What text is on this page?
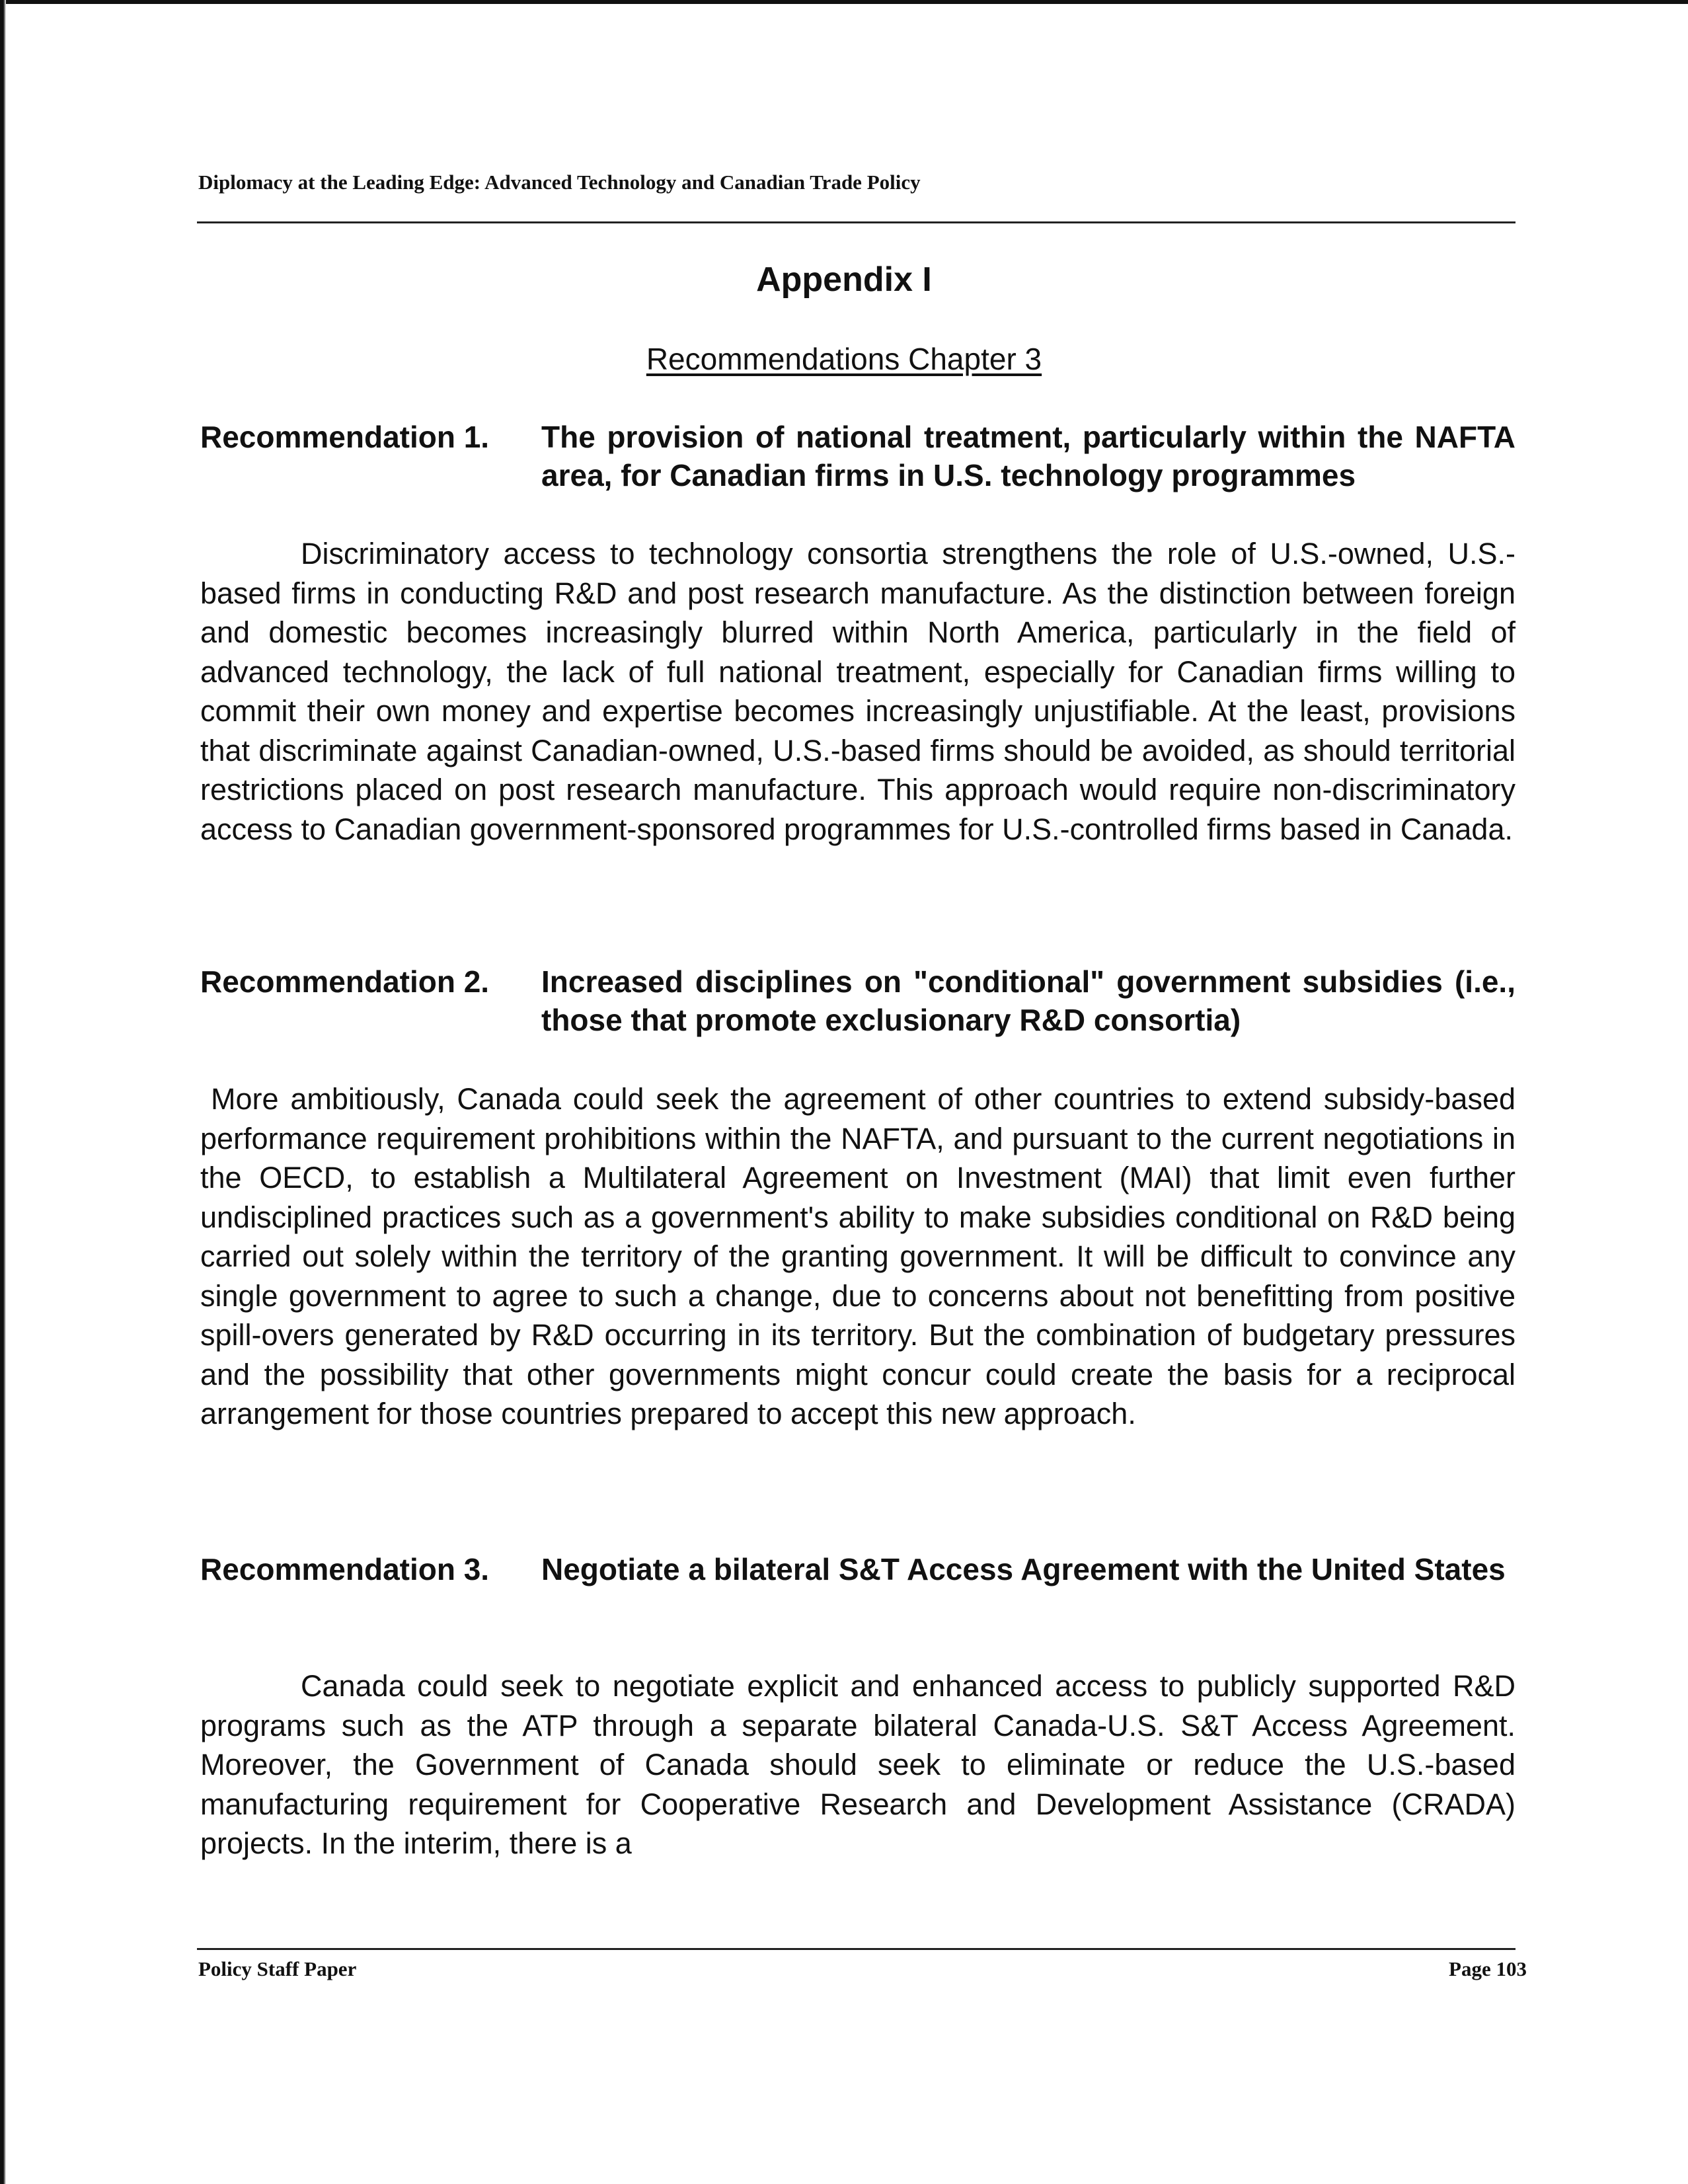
Diplomacy at the Leading Edge: Advanced Technology and Canadian Trade Policy
Appendix I
Recommendations Chapter 3
Recommendation 1. The provision of national treatment, particularly within the NAFTA area, for Canadian firms in U.S. technology programmes
Discriminatory access to technology consortia strengthens the role of U.S.-owned, U.S.-based firms in conducting R&D and post research manufacture. As the distinction between foreign and domestic becomes increasingly blurred within North America, particularly in the field of advanced technology, the lack of full national treatment, especially for Canadian firms willing to commit their own money and expertise becomes increasingly unjustifiable. At the least, provisions that discriminate against Canadian-owned, U.S.-based firms should be avoided, as should territorial restrictions placed on post research manufacture. This approach would require non-discriminatory access to Canadian government-sponsored programmes for U.S.-controlled firms based in Canada.
Recommendation 2. Increased disciplines on "conditional" government subsidies (i.e., those that promote exclusionary R&D consortia)
More ambitiously, Canada could seek the agreement of other countries to extend subsidy-based performance requirement prohibitions within the NAFTA, and pursuant to the current negotiations in the OECD, to establish a Multilateral Agreement on Investment (MAI) that limit even further undisciplined practices such as a government's ability to make subsidies conditional on R&D being carried out solely within the territory of the granting government. It will be difficult to convince any single government to agree to such a change, due to concerns about not benefitting from positive spill-overs generated by R&D occurring in its territory. But the combination of budgetary pressures and the possibility that other governments might concur could create the basis for a reciprocal arrangement for those countries prepared to accept this new approach.
Recommendation 3. Negotiate a bilateral S&T Access Agreement with the United States
Canada could seek to negotiate explicit and enhanced access to publicly supported R&D programs such as the ATP through a separate bilateral Canada-U.S. S&T Access Agreement. Moreover, the Government of Canada should seek to eliminate or reduce the U.S.-based manufacturing requirement for Cooperative Research and Development Assistance (CRADA) projects. In the interim, there is a
Policy Staff Paper	Page 103
